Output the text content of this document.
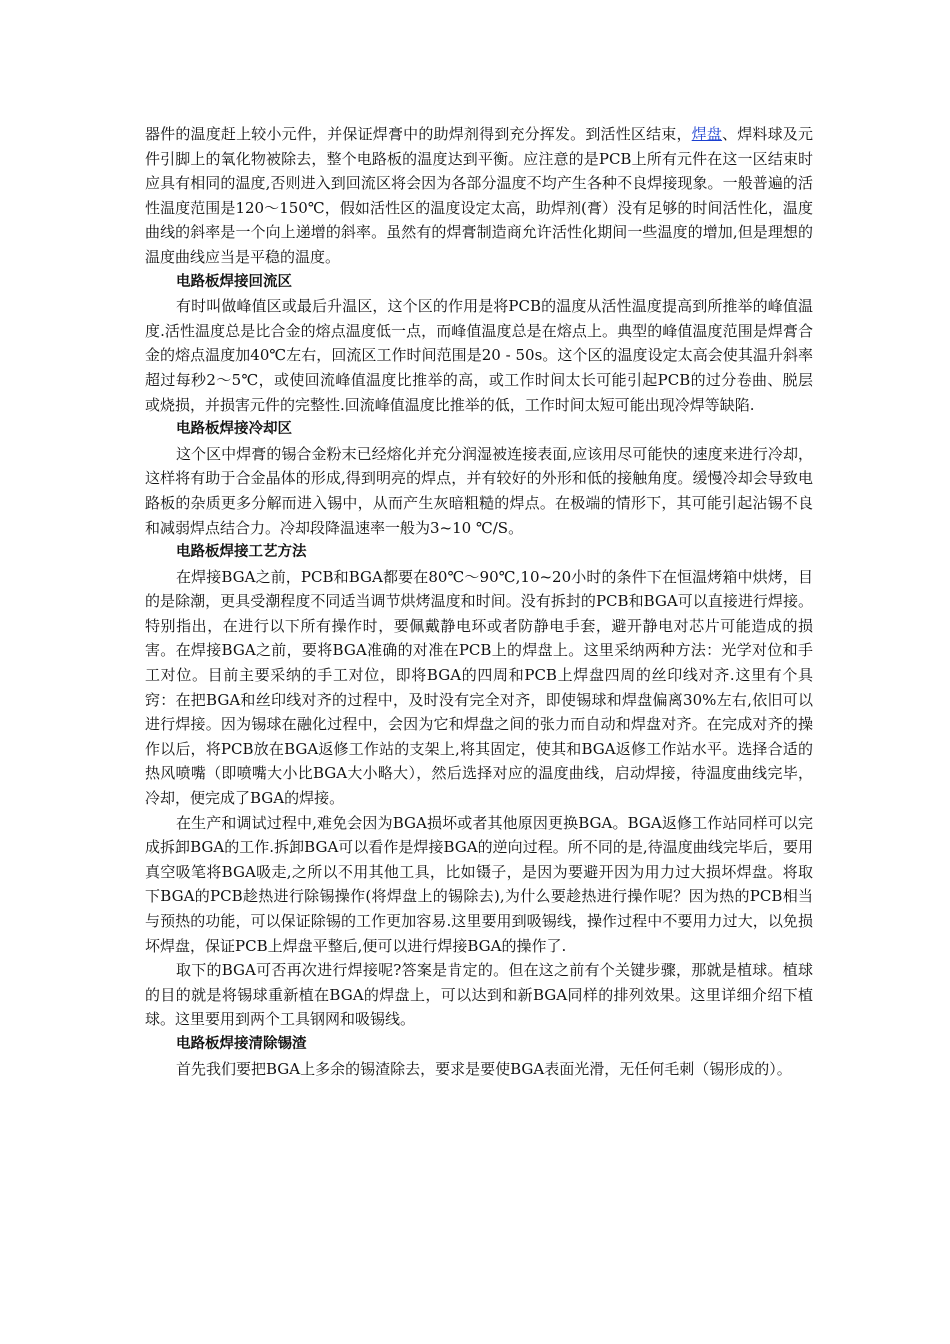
器件的温度赶上较小元件，并保证焊膏中的助焊剂得到充分挥发。到活性区结束，焊盘、焊料球及元件引脚上的氧化物被除去，整个电路板的温度达到平衡。应注意的是PCB上所有元件在这一区结束时应具有相同的温度,否则进入到回流区将会因为各部分温度不均产生各种不良焊接现象。一般普遍的活性温度范围是120～150℃，假如活性区的温度设定太高，助焊剂(膏）没有足够的时间活性化，温度曲线的斜率是一个向上递增的斜率。虽然有的焊膏制造商允许活性化期间一些温度的增加,但是理想的温度曲线应当是平稳的温度。

电路板焊接回流区

有时叫做峰值区或最后升温区，这个区的作用是将PCB的温度从活性温度提高到所推举的峰值温度.活性温度总是比合金的熔点温度低一点，而峰值温度总是在熔点上。典型的峰值温度范围是焊膏合金的熔点温度加40℃左右，回流区工作时间范围是20 - 50s。这个区的温度设定太高会使其温升斜率超过每秒2～5℃，或使回流峰值温度比推举的高，或工作时间太长可能引起PCB的过分卷曲、脱层或烧损，并损害元件的完整性.回流峰值温度比推举的低，工作时间太短可能出现冷焊等缺陷.

电路板焊接冷却区

这个区中焊膏的锡合金粉末已经熔化并充分润湿被连接表面,应该用尽可能快的速度来进行冷却，这样将有助于合金晶体的形成,得到明亮的焊点，并有较好的外形和低的接触角度。缓慢冷却会导致电路板的杂质更多分解而进入锡中，从而产生灰暗粗糙的焊点。在极端的情形下，其可能引起沾锡不良和减弱焊点结合力。冷却段降温速率一般为3~10 ℃/S。

电路板焊接工艺方法

在焊接BGA之前，PCB和BGA都要在80℃～90℃,10~20小时的条件下在恒温烤箱中烘烤，目的是除潮，更具受潮程度不同适当调节烘烤温度和时间。没有拆封的PCB和BGA可以直接进行焊接。特别指出，在进行以下所有操作时，要佩戴静电环或者防静电手套，避开静电对芯片可能造成的损害。在焊接BGA之前，要将BGA准确的对准在PCB上的焊盘上。这里采纳两种方法：光学对位和手工对位。目前主要采纳的手工对位，即将BGA的四周和PCB上焊盘四周的丝印线对齐.这里有个具窍：在把BGA和丝印线对齐的过程中，及时没有完全对齐，即使锡球和焊盘偏离30%左右,依旧可以进行焊接。因为锡球在融化过程中，会因为它和焊盘之间的张力而自动和焊盘对齐。在完成对齐的操作以后，将PCB放在BGA返修工作站的支架上,将其固定，使其和BGA返修工作站水平。选择合适的热风喷嘴（即喷嘴大小比BGA大小略大），然后选择对应的温度曲线，启动焊接，待温度曲线完毕，冷却，便完成了BGA的焊接。

在生产和调试过程中,难免会因为BGA损坏或者其他原因更换BGA。BGA返修工作站同样可以完成拆卸BGA的工作.拆卸BGA可以看作是焊接BGA的逆向过程。所不同的是,待温度曲线完毕后，要用真空吸笔将BGA吸走,之所以不用其他工具，比如镊子，是因为要避开因为用力过大损坏焊盘。将取下BGA的PCB趁热进行除锡操作(将焊盘上的锡除去),为什么要趁热进行操作呢？因为热的PCB相当与预热的功能，可以保证除锡的工作更加容易.这里要用到吸锡线，操作过程中不要用力过大，以免损坏焊盘，保证PCB上焊盘平整后,便可以进行焊接BGA的操作了.

取下的BGA可否再次进行焊接呢?答案是肯定的。但在这之前有个关键步骤，那就是植球。植球的目的就是将锡球重新植在BGA的焊盘上，可以达到和新BGA同样的排列效果。这里详细介绍下植球。这里要用到两个工具钢网和吸锡线。

电路板焊接清除锡渣

首先我们要把BGA上多余的锡渣除去，要求是要使BGA表面光滑，无任何毛刺（锡形成的）。
